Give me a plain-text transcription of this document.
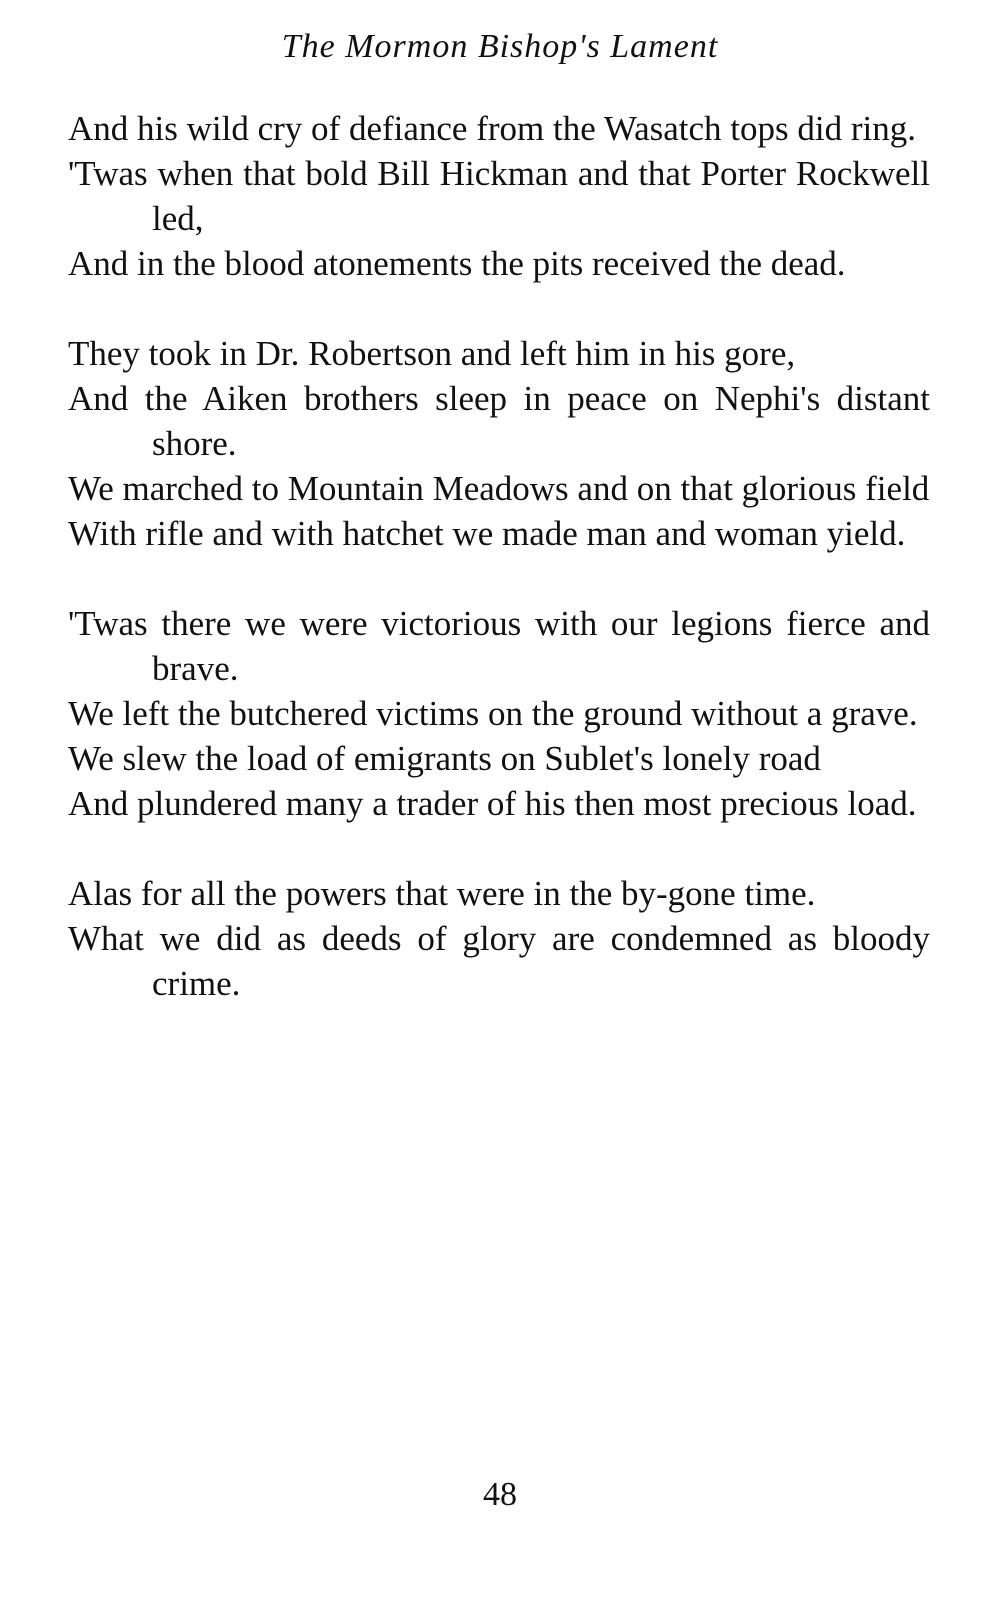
The Mormon Bishop's Lament
And his wild cry of defiance from the Wasatch tops did ring.
'Twas when that bold Bill Hickman and that Porter Rockwell led,
And in the blood atonements the pits received the dead.
They took in Dr. Robertson and left him in his gore,
And the Aiken brothers sleep in peace on Nephi's distant shore.
We marched to Mountain Meadows and on that glorious field
With rifle and with hatchet we made man and woman yield.
'Twas there we were victorious with our legions fierce and brave.
We left the butchered victims on the ground without a grave.
We slew the load of emigrants on Sublet's lonely road
And plundered many a trader of his then most precious load.
Alas for all the powers that were in the by-gone time.
What we did as deeds of glory are condemned as bloody crime.
48
